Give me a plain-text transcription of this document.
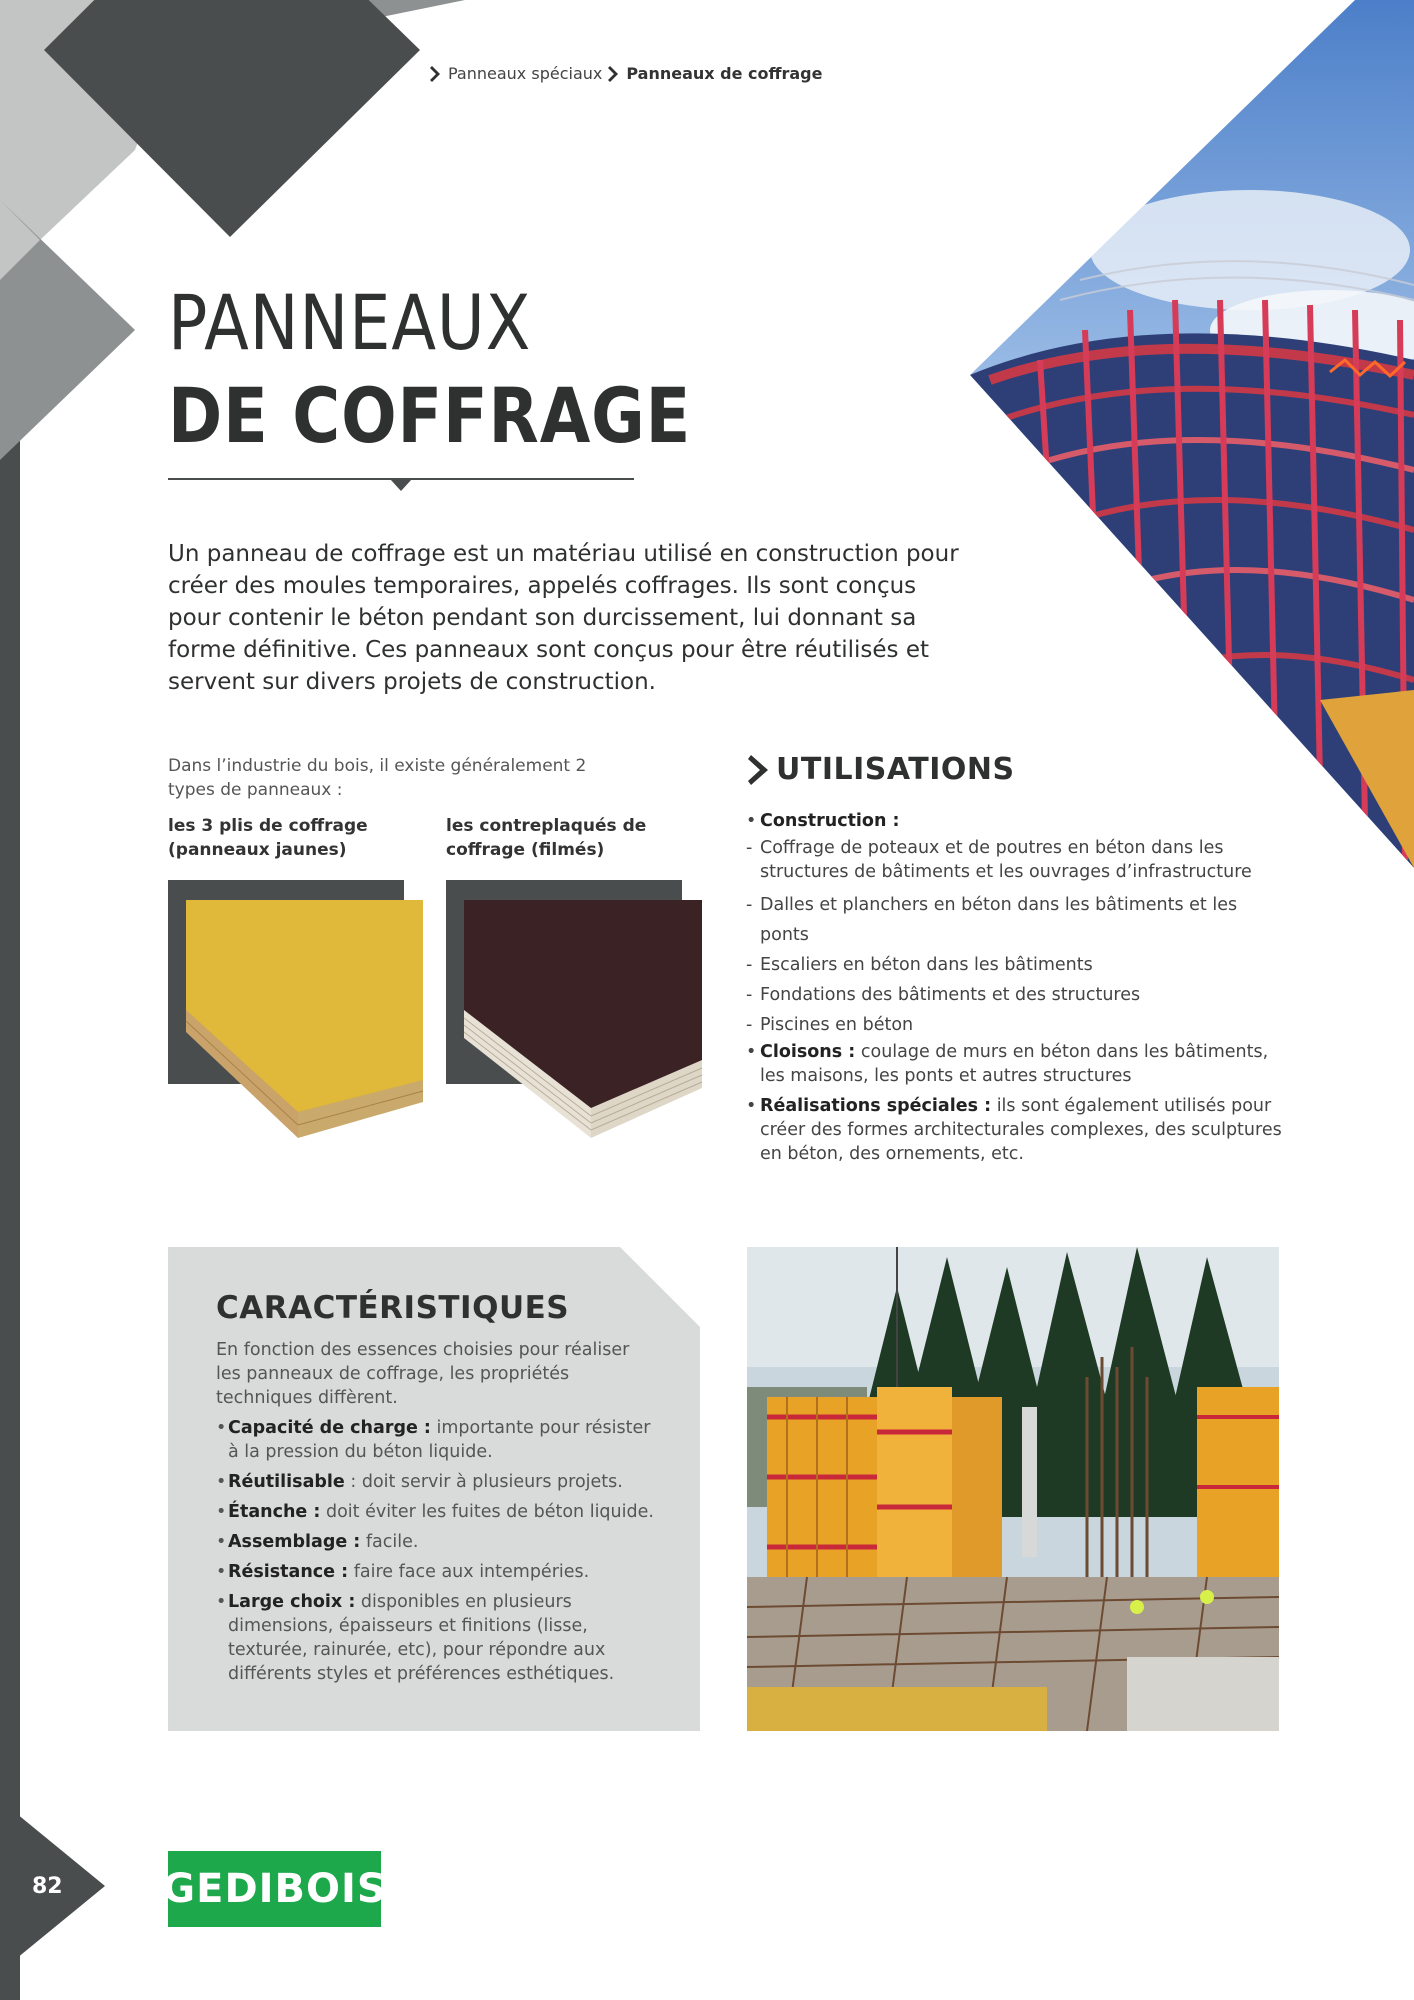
Panneaux spéciaux Panneaux de coffrage
PANNEAUX
DE COFFRAGE
Un panneau de coffrage est un matériau utilisé en construction pour créer des moules temporaires, appelés coffrages. Ils sont conçus pour contenir le béton pendant son durcissement, lui donnant sa forme définitive. Ces panneaux sont conçus pour être réutilisés et servent sur divers projets de construction.
Dans l’industrie du bois, il existe généralement 2 types de panneaux :
les 3 plis de coffrage (panneaux jaunes)
les contreplaqués de coffrage (filmés)
UTILISATIONS
• Construction :
- Coffrage de poteaux et de poutres en béton dans les structures de bâtiments et les ouvrages d’infrastructure
- Dalles et planchers en béton dans les bâtiments et les ponts
- Escaliers en béton dans les bâtiments
- Fondations des bâtiments et des structures
- Piscines en béton
• Cloisons : coulage de murs en béton dans les bâtiments, les maisons, les ponts et autres structures
• Réalisations spéciales : ils sont également utilisés pour créer des formes architecturales complexes, des sculptures en béton, des ornements, etc.
CARACTÉRISTIQUES
En fonction des essences choisies pour réaliser les panneaux de coffrage, les propriétés techniques diffèrent.
• Capacité de charge : importante pour résister à la pression du béton liquide.
• Réutilisable : doit servir à plusieurs projets.
• Étanche : doit éviter les fuites de béton liquide.
• Assemblage : facile.
• Résistance : faire face aux intempéries.
• Large choix : disponibles en plusieurs dimensions, épaisseurs et finitions (lisse, texturée, rainurée, etc), pour répondre aux différents styles et préférences esthétiques.
82 GEDIBOIS
